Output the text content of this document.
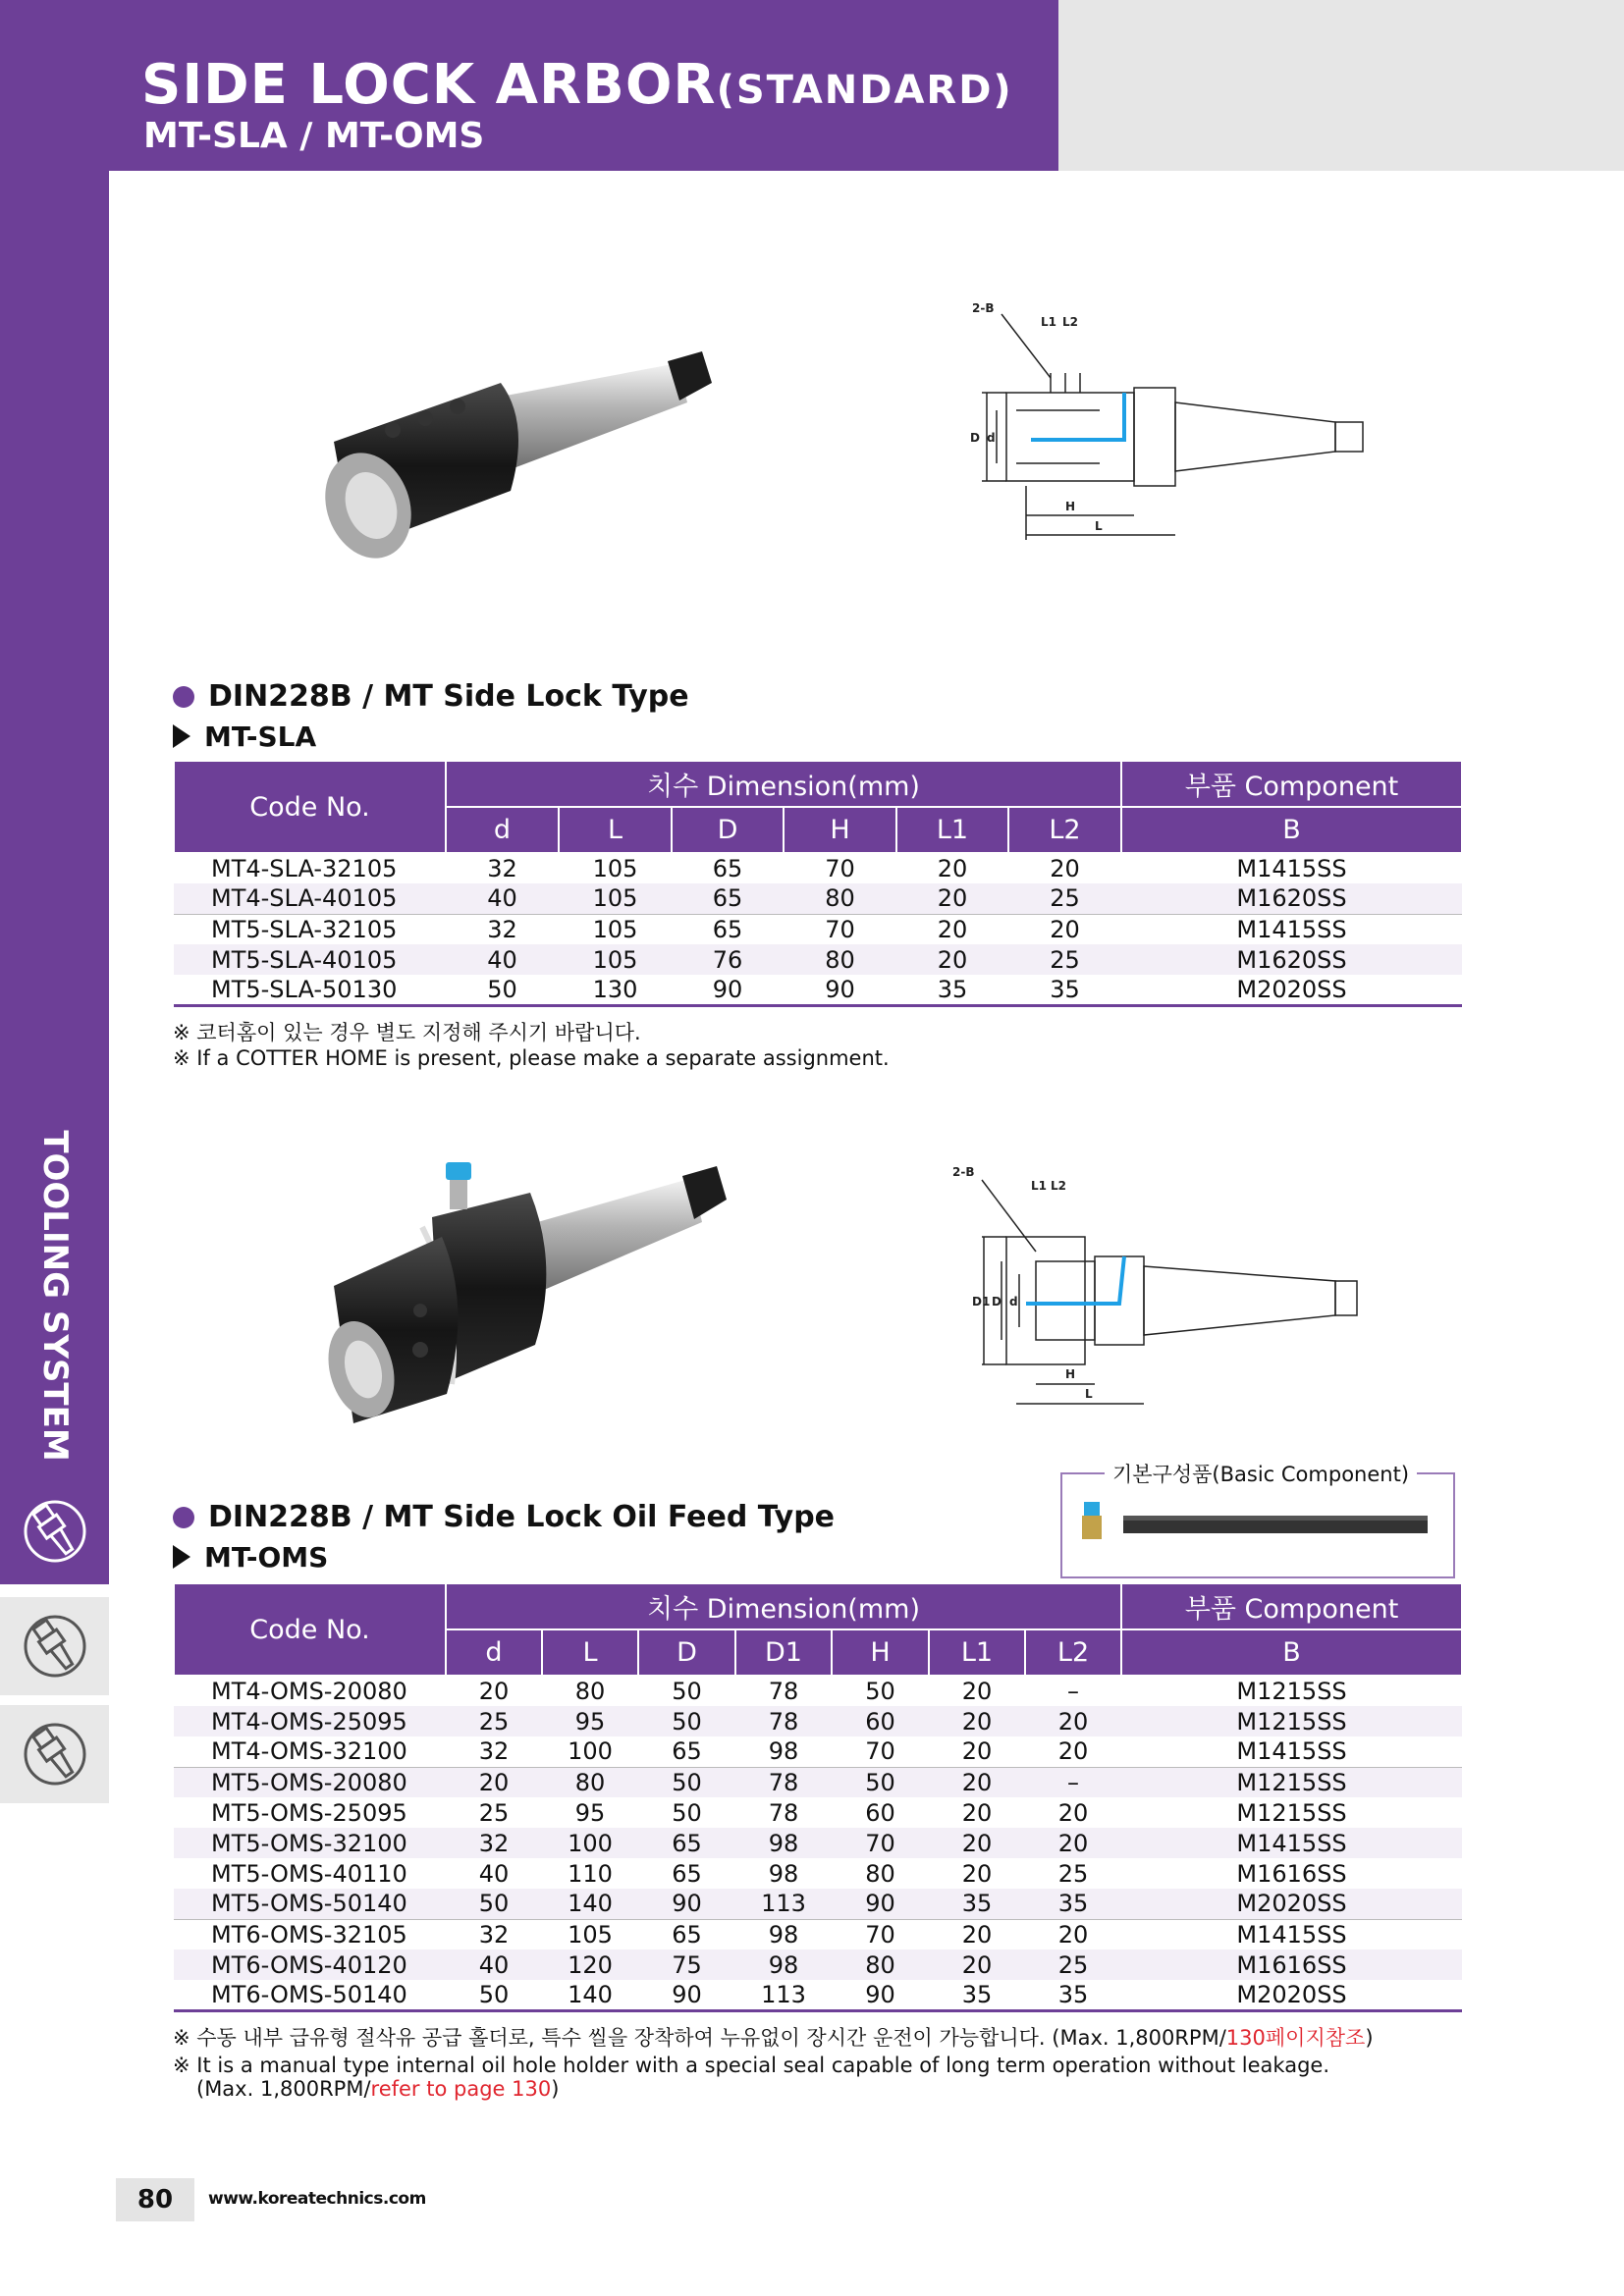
SIDE LOCK ARBOR(STANDARD)
MT-SLA / MT-OMS
TOOLING SYSTEM
2-B
L1 L2
D d
H
L
DIN228B / MT Side Lock Type
MT-SLA
Code No.	치수 Dimension(mm)						부품 Component
	d	L	D	H	L1	L2	B
MT4-SLA-32105	32	105	65	70	20	20	M1415SS
MT4-SLA-40105	40	105	65	80	20	25	M1620SS
MT5-SLA-32105	32	105	65	70	20	20	M1415SS
MT5-SLA-40105	40	105	76	80	20	25	M1620SS
MT5-SLA-50130	50	130	90	90	35	35	M2020SS
※ 코터홈이 있는 경우 별도 지정해 주시기 바랍니다.
※ If a COTTER HOME is present, please make a separate assignment.
2-B
L1 L2
D1 D d
H
L
기본구성품(Basic Component)
DIN228B / MT Side Lock Oil Feed Type
MT-OMS
Code No.	치수 Dimension(mm)							부품 Component
	d	L	D	D1	H	L1	L2	B
MT4-OMS-20080	20	80	50	78	50	20	–	M1215SS
MT4-OMS-25095	25	95	50	78	60	20	20	M1215SS
MT4-OMS-32100	32	100	65	98	70	20	20	M1415SS
MT5-OMS-20080	20	80	50	78	50	20	–	M1215SS
MT5-OMS-25095	25	95	50	78	60	20	20	M1215SS
MT5-OMS-32100	32	100	65	98	70	20	20	M1415SS
MT5-OMS-40110	40	110	65	98	80	20	25	M1616SS
MT5-OMS-50140	50	140	90	113	90	35	35	M2020SS
MT6-OMS-32105	32	105	65	98	70	20	20	M1415SS
MT6-OMS-40120	40	120	75	98	80	20	25	M1616SS
MT6-OMS-50140	50	140	90	113	90	35	35	M2020SS
※ 수동 내부 급유형 절삭유 공급 홀더로, 특수 씰을 장착하여 누유없이 장시간 운전이 가능합니다. (Max. 1,800RPM/130페이지참조)
※ It is a manual type internal oil hole holder with a special seal capable of long term operation without leakage.
(Max. 1,800RPM/refer to page 130)
80	www.koreatechnics.com
